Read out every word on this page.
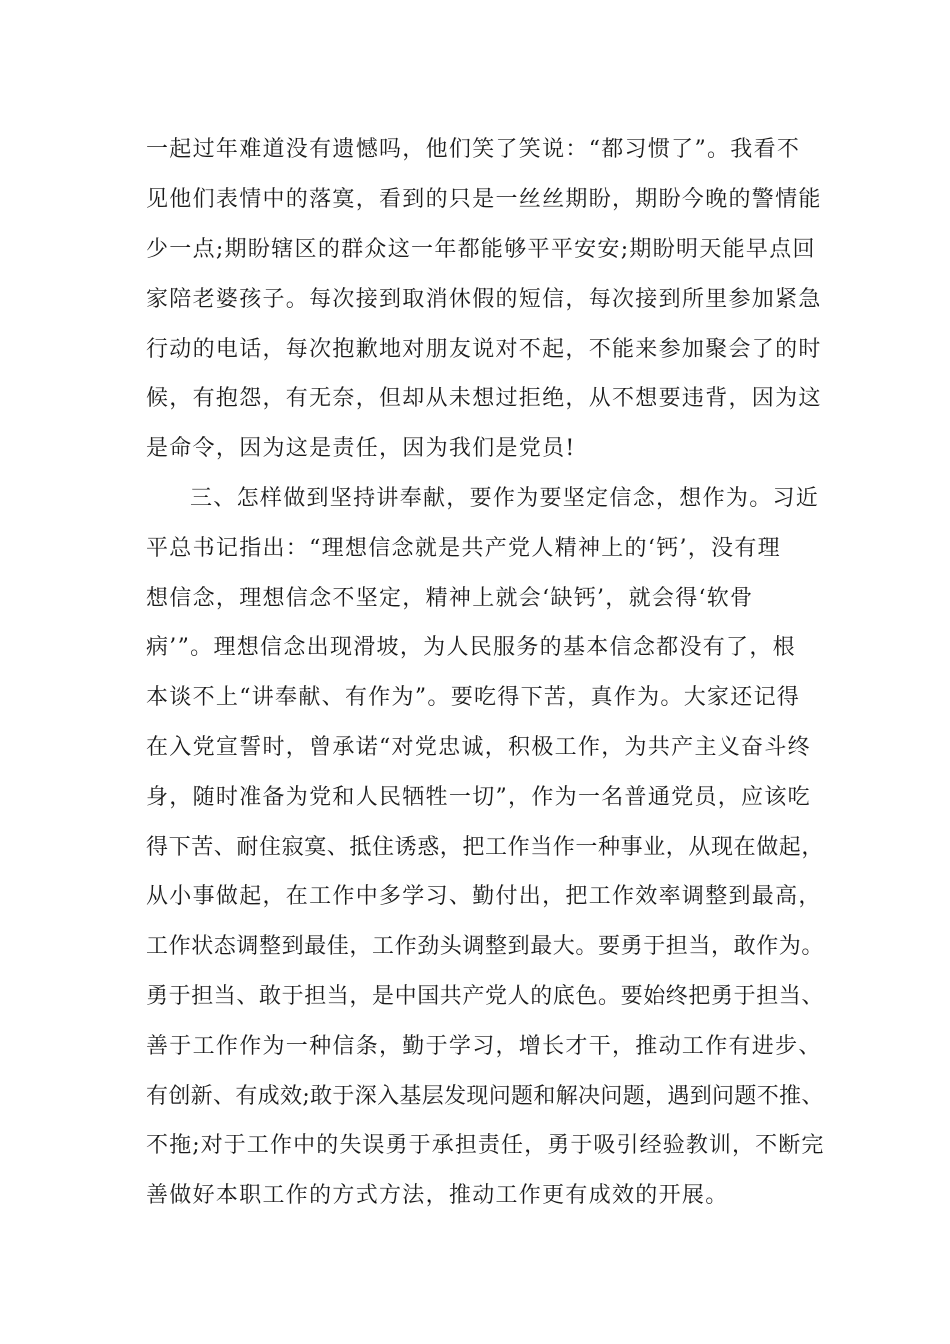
一起过年难道没有遗憾吗，他们笑了笑说：“都习惯了”。我看不
见他们表情中的落寞，看到的只是一丝丝期盼，期盼今晚的警情能
少一点;期盼辖区的群众这一年都能够平平安安;期盼明天能早点回
家陪老婆孩子。每次接到取消休假的短信，每次接到所里参加紧急
行动的电话，每次抱歉地对朋友说对不起，不能来参加聚会了的时
候，有抱怨，有无奈，但却从未想过拒绝，从不想要违背，因为这
是命令，因为这是责任，因为我们是党员!
三、怎样做到坚持讲奉献，要作为要坚定信念，想作为。习近
平总书记指出：“理想信念就是共产党人精神上的‘钙’，没有理
想信念，理想信念不坚定，精神上就会‘缺钙’，就会得‘软骨
病’”。理想信念出现滑坡，为人民服务的基本信念都没有了，根
本谈不上“讲奉献、有作为”。要吃得下苦，真作为。大家还记得
在入党宣誓时，曾承诺“对党忠诚，积极工作，为共产主义奋斗终
身，随时准备为党和人民牺牲一切”，作为一名普通党员，应该吃
得下苦、耐住寂寞、抵住诱惑，把工作当作一种事业，从现在做起，
从小事做起，在工作中多学习、勤付出，把工作效率调整到最高，
工作状态调整到最佳，工作劲头调整到最大。要勇于担当，敢作为。
勇于担当、敢于担当，是中国共产党人的底色。要始终把勇于担当、
善于工作作为一种信条，勤于学习，增长才干，推动工作有进步、
有创新、有成效;敢于深入基层发现问题和解决问题，遇到问题不推、
不拖;对于工作中的失误勇于承担责任，勇于吸引经验教训，不断完
善做好本职工作的方式方法，推动工作更有成效的开展。
